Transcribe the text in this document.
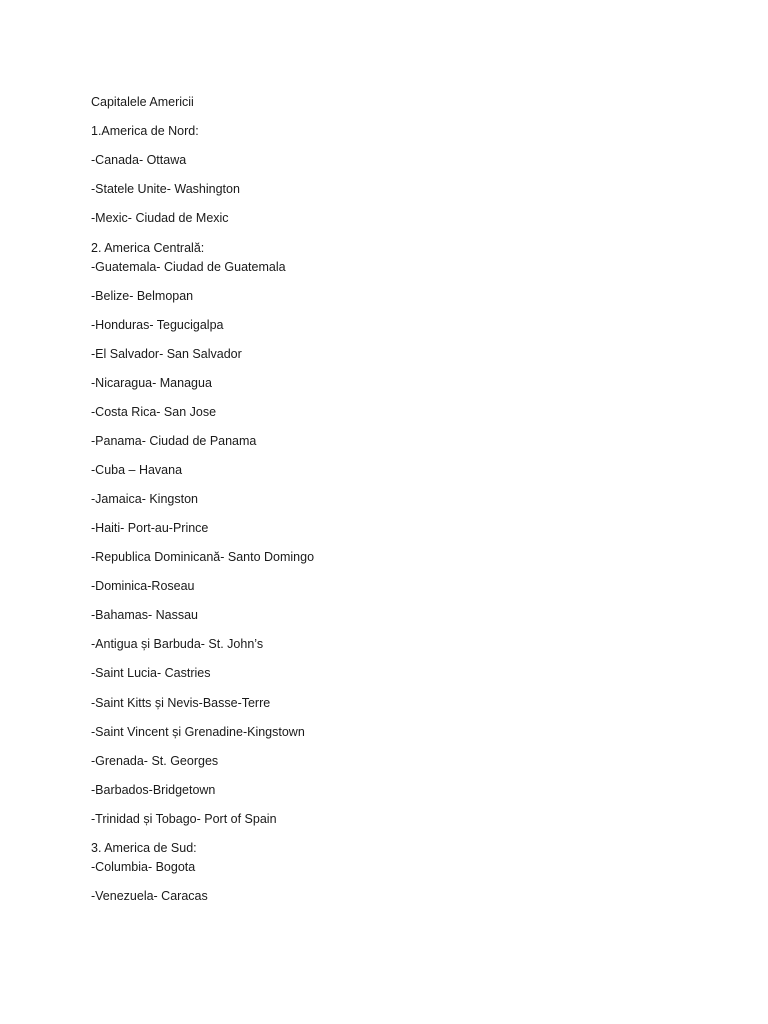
Capitalele Americii
1.America de Nord:
-Canada- Ottawa
-Statele Unite- Washington
-Mexic- Ciudad de Mexic
2. America Centrală:
-Guatemala- Ciudad de Guatemala
-Belize- Belmopan
-Honduras- Tegucigalpa
-El Salvador- San Salvador
-Nicaragua- Managua
-Costa Rica- San Jose
-Panama- Ciudad de Panama
-Cuba – Havana
-Jamaica- Kingston
-Haiti- Port-au-Prince
-Republica Dominicană- Santo Domingo
-Dominica-Roseau
-Bahamas- Nassau
-Antigua și Barbuda- St. John’s
-Saint Lucia- Castries
-Saint Kitts și Nevis-Basse-Terre
-Saint Vincent și Grenadine-Kingstown
-Grenada- St. Georges
-Barbados-Bridgetown
-Trinidad și Tobago- Port of Spain
3. America de Sud:
-Columbia- Bogota
-Venezuela- Caracas
